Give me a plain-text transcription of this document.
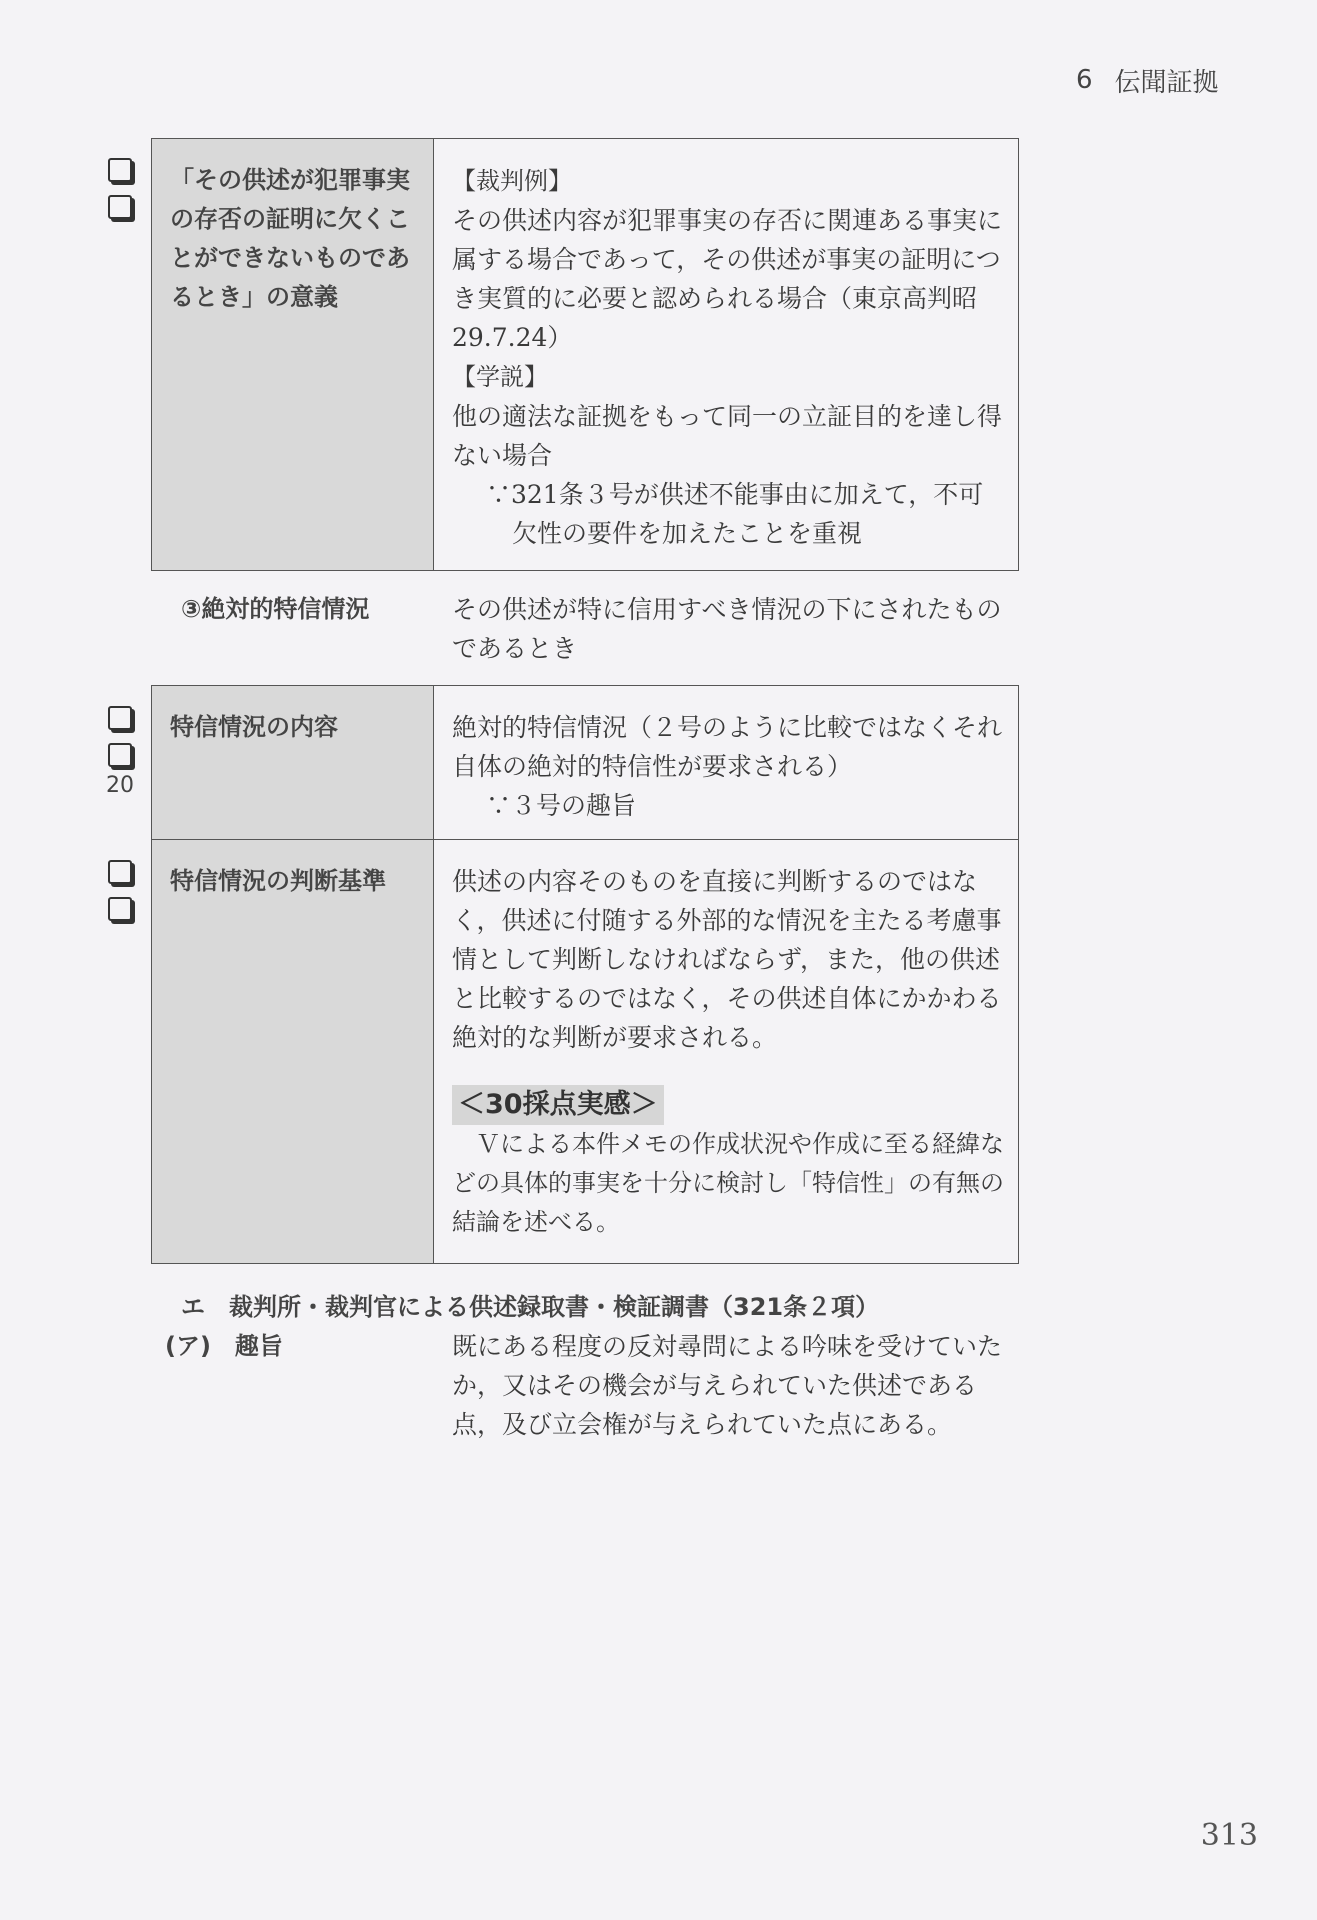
6 伝聞証拠
「その供述が犯罪事実の存否の証明に欠くことができないものであるとき」の意義	【裁判例】
その供述内容が犯罪事実の存否に関連ある事実に属する場合であって，その供述が事実の証明につき実質的に必要と認められる場合（東京高判昭29.7.24）
【学説】
他の適法な証拠をもって同一の立証目的を達し得ない場合
∵321条３号が供述不能事由に加えて，不可欠性の要件を加えたことを重視
③絶対的特信情況	その供述が特に信用すべき情況の下にされたものであるとき
20
特信情況の内容	絶対的特信情況（２号のように比較ではなくそれ自体の絶対的特信性が要求される）
∵３号の趣旨

特信情況の判断基準	供述の内容そのものを直接に判断するのではなく，供述に付随する外部的な情況を主たる考慮事情として判断しなければならず，また，他の供述と比較するのではなく，その供述自体にかかわる絶対的な判断が要求される。
＜30採点実感＞

Ｖによる本件メモの作成状況や作成に至る経緯などの具体的事実を十分に検討し「特信性」の有無の結論を述べる。
エ　裁判所・裁判官による供述録取書・検証調書（321条２項）
(ア)　趣旨	既にある程度の反対尋問による吟味を受けていたか，又はその機会が与えられていた供述である点，及び立会権が与えられていた点にある。
313
